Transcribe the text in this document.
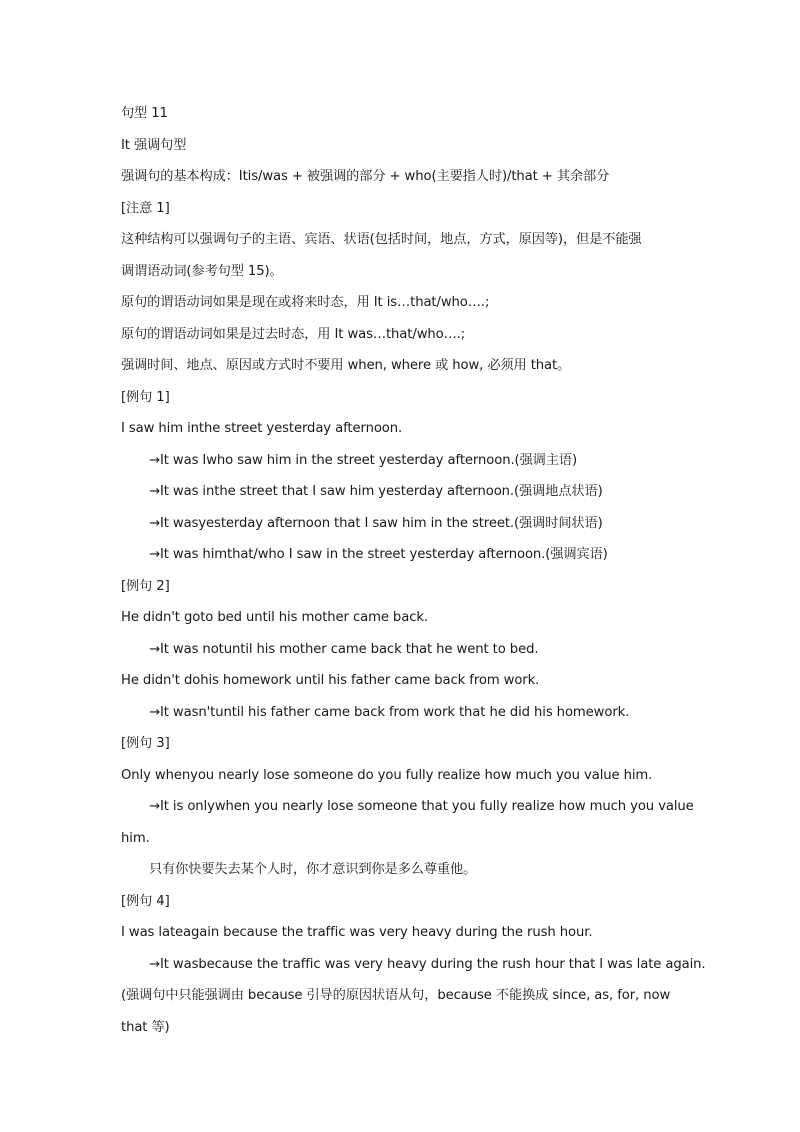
句型 11
It 强调句型
强调句的基本构成：Itis/was + 被强调的部分 + who(主要指人时)/that + 其余部分
[注意 1]
这种结构可以强调句子的主语、宾语、状语(包括时间，地点，方式，原因等)，但是不能强
调谓语动词(参考句型 15)。
原句的谓语动词如果是现在或将来时态，用 It is…that/who….;
原句的谓语动词如果是过去时态，用 It was…that/who….;
强调时间、地点、原因或方式时不要用 when, where 或 how, 必须用 that。
[例句 1]
I saw him inthe street yesterday afternoon.
→It was Iwho saw him in the street yesterday afternoon.(强调主语)
→It was inthe street that I saw him yesterday afternoon.(强调地点状语)
→It wasyesterday afternoon that I saw him in the street.(强调时间状语)
→It was himthat/who I saw in the street yesterday afternoon.(强调宾语)
[例句 2]
He didn't goto bed until his mother came back.
→It was notuntil his mother came back that he went to bed.
He didn't dohis homework until his father came back from work.
→It wasn'tuntil his father came back from work that he did his homework.
[例句 3]
Only whenyou nearly lose someone do you fully realize how much you value him.
→It is onlywhen you nearly lose someone that you fully realize how much you value
him.
只有你快要失去某个人时，你才意识到你是多么尊重他。
[例句 4]
I was lateagain because the traffic was very heavy during the rush hour.
→It wasbecause the traffic was very heavy during the rush hour that I was late again.
(强调句中只能强调由 because 引导的原因状语从句，because 不能换成 since, as, for, now
that 等)
